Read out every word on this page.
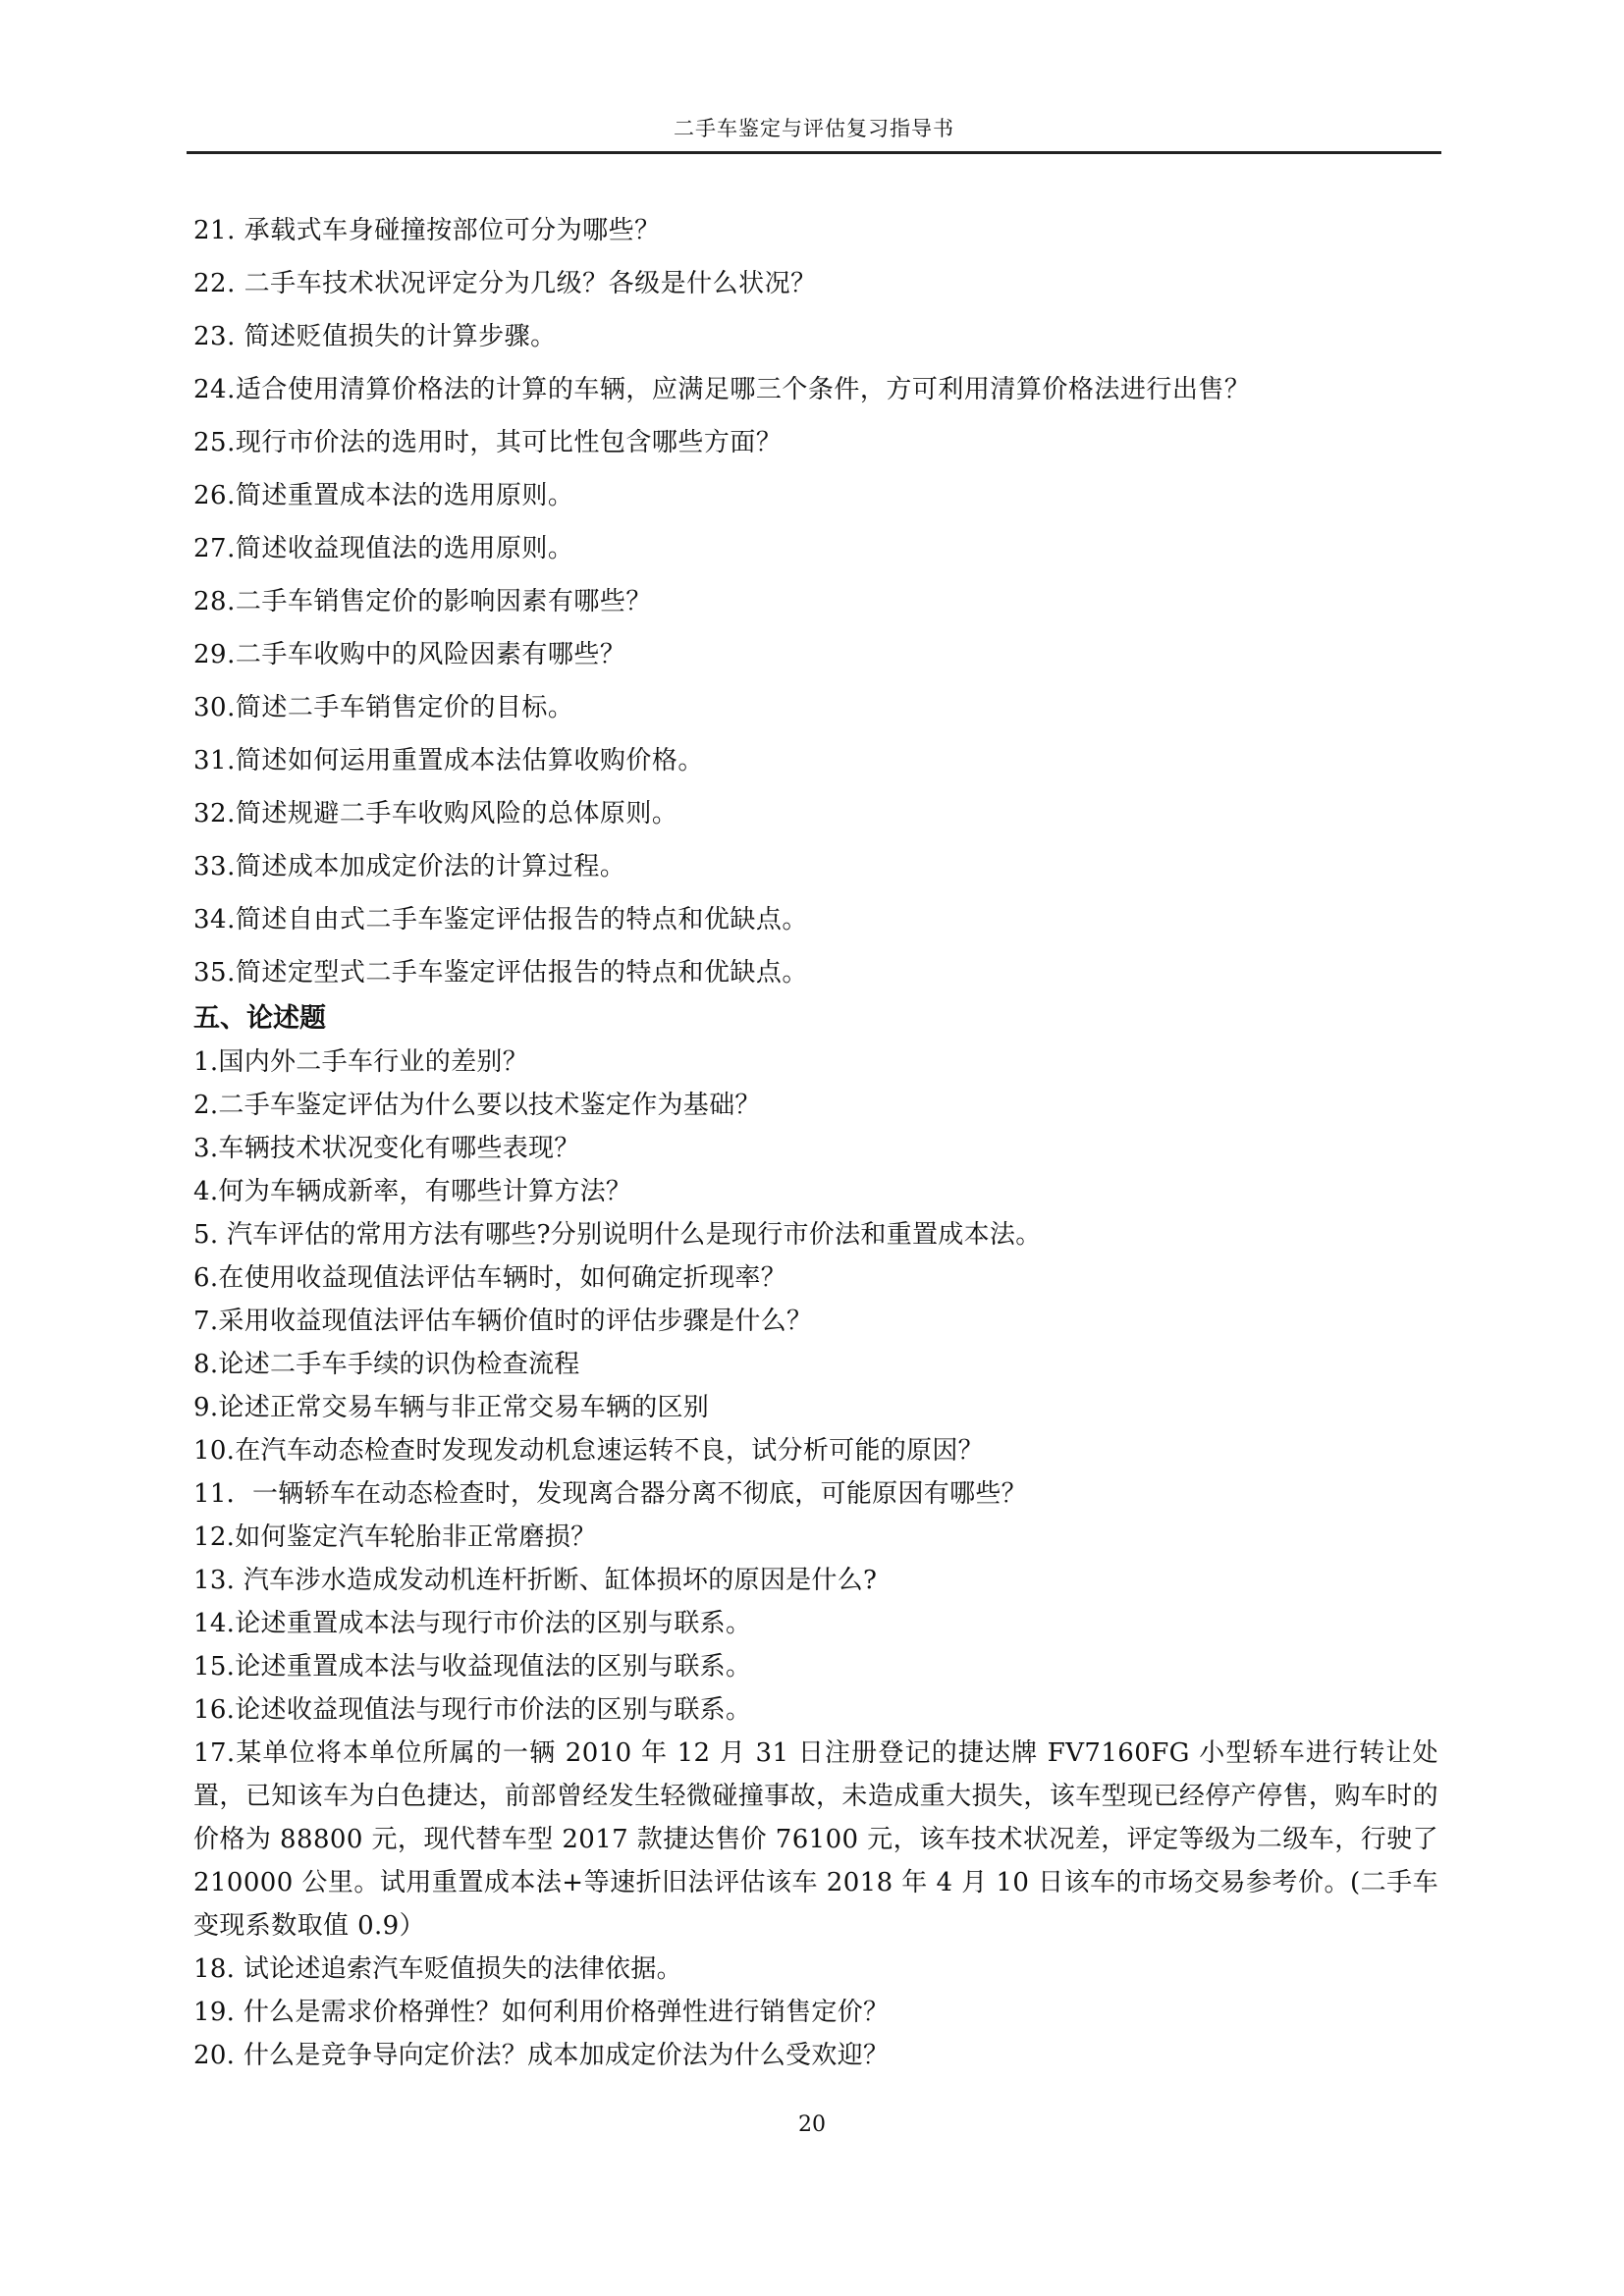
二手车鉴定与评估复习指导书
21. 承载式车身碰撞按部位可分为哪些？
22. 二手车技术状况评定分为几级？各级是什么状况？
23. 简述贬值损失的计算步骤。
24.适合使用清算价格法的计算的车辆，应满足哪三个条件，方可利用清算价格法进行出售？
25.现行市价法的选用时，其可比性包含哪些方面？
26.简述重置成本法的选用原则。
27.简述收益现值法的选用原则。
28.二手车销售定价的影响因素有哪些？
29.二手车收购中的风险因素有哪些？
30.简述二手车销售定价的目标。
31.简述如何运用重置成本法估算收购价格。
32.简述规避二手车收购风险的总体原则。
33.简述成本加成定价法的计算过程。
34.简述自由式二手车鉴定评估报告的特点和优缺点。
35.简述定型式二手车鉴定评估报告的特点和优缺点。
五、论述题
1.国内外二手车行业的差别？
2.二手车鉴定评估为什么要以技术鉴定作为基础？
3.车辆技术状况变化有哪些表现？
4.何为车辆成新率，有哪些计算方法？
5. 汽车评估的常用方法有哪些?分别说明什么是现行市价法和重置成本法。
6.在使用收益现值法评估车辆时，如何确定折现率？
7.采用收益现值法评估车辆价值时的评估步骤是什么？
8.论述二手车手续的识伪检查流程
9.论述正常交易车辆与非正常交易车辆的区别
10.在汽车动态检查时发现发动机怠速运转不良，试分析可能的原因？
11．一辆轿车在动态检查时，发现离合器分离不彻底，可能原因有哪些？
12.如何鉴定汽车轮胎非正常磨损？
13. 汽车涉水造成发动机连杆折断、缸体损坏的原因是什么?
14.论述重置成本法与现行市价法的区别与联系。
15.论述重置成本法与收益现值法的区别与联系。
16.论述收益现值法与现行市价法的区别与联系。
17.某单位将本单位所属的一辆 2010 年 12 月 31 日注册登记的捷达牌 FV7160FG 小型轿车进行转让处置，已知该车为白色捷达，前部曾经发生轻微碰撞事故，未造成重大损失，该车型现已经停产停售，购车时的价格为 88800 元，现代替车型 2017 款捷达售价 76100 元，该车技术状况差，评定等级为二级车，行驶了 210000 公里。试用重置成本法+等速折旧法评估该车 2018 年 4 月 10 日该车的市场交易参考价。(二手车变现系数取值 0.9）
18. 试论述追索汽车贬值损失的法律依据。
19. 什么是需求价格弹性？如何利用价格弹性进行销售定价？
20. 什么是竞争导向定价法？成本加成定价法为什么受欢迎？
20
